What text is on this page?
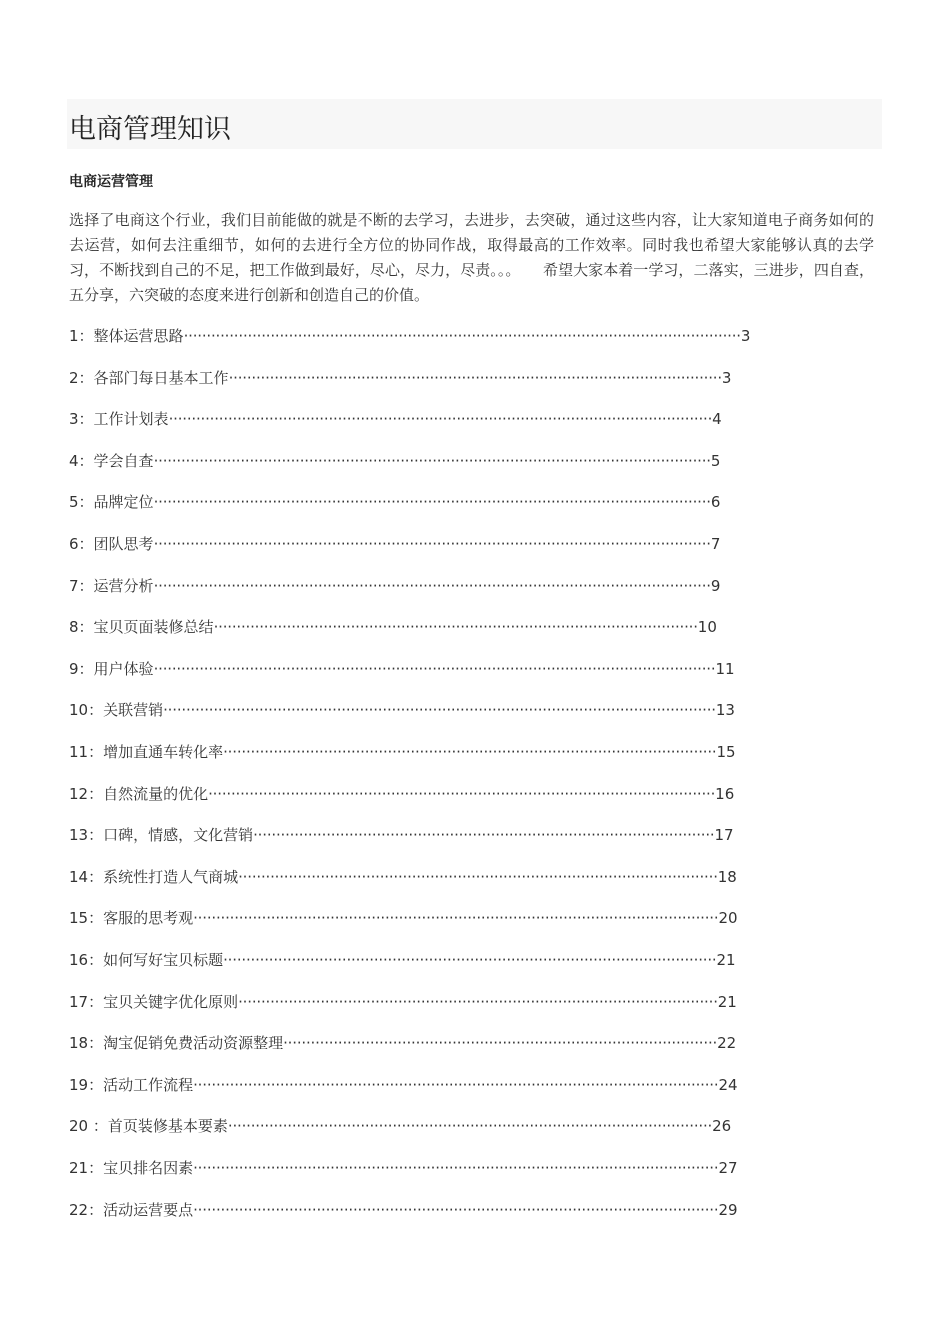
电商管理知识
电商运营管理
选择了电商这个行业，我们目前能做的就是不断的去学习，去进步，去突破，通过这些内容，让大家知道电子商务如何的去运营，如何去注重细节，如何的去进行全方位的协同作战，取得最高的工作效率。同时我也希望大家能够认真的去学习，不断找到自己的不足，把工作做到最好，尽心，尽力，尽责。。。　　希望大家本着一学习，二落实，三进步，四自查，五分享，六突破的态度来进行创新和创造自己的价值。
1：整体运营思路··························································································································3
2：各部门每日基本工作············································································································3
3：工作计划表·······················································································································4
4：学会自查··························································································································5
5：品牌定位··························································································································6
6：团队思考··························································································································7
7：运营分析··························································································································9
8：宝贝页面装修总结··········································································································10
9：用户体验···························································································································11
10：关联营销·························································································································13
11：增加直通车转化率············································································································15
12：自然流量的优化···············································································································16
13：口碑，情感，文化营销·····································································································17
14：系统性打造人气商城·········································································································18
15：客服的思考观···················································································································20
16：如何写好宝贝标题············································································································21
17：宝贝关键字优化原则·········································································································21
18：淘宝促销免费活动资源整理·······························································································22
19：活动工作流程···················································································································24
20 ：首页装修基本要素··········································································································26
21：宝贝排名因素···················································································································27
22：活动运营要点···················································································································29
